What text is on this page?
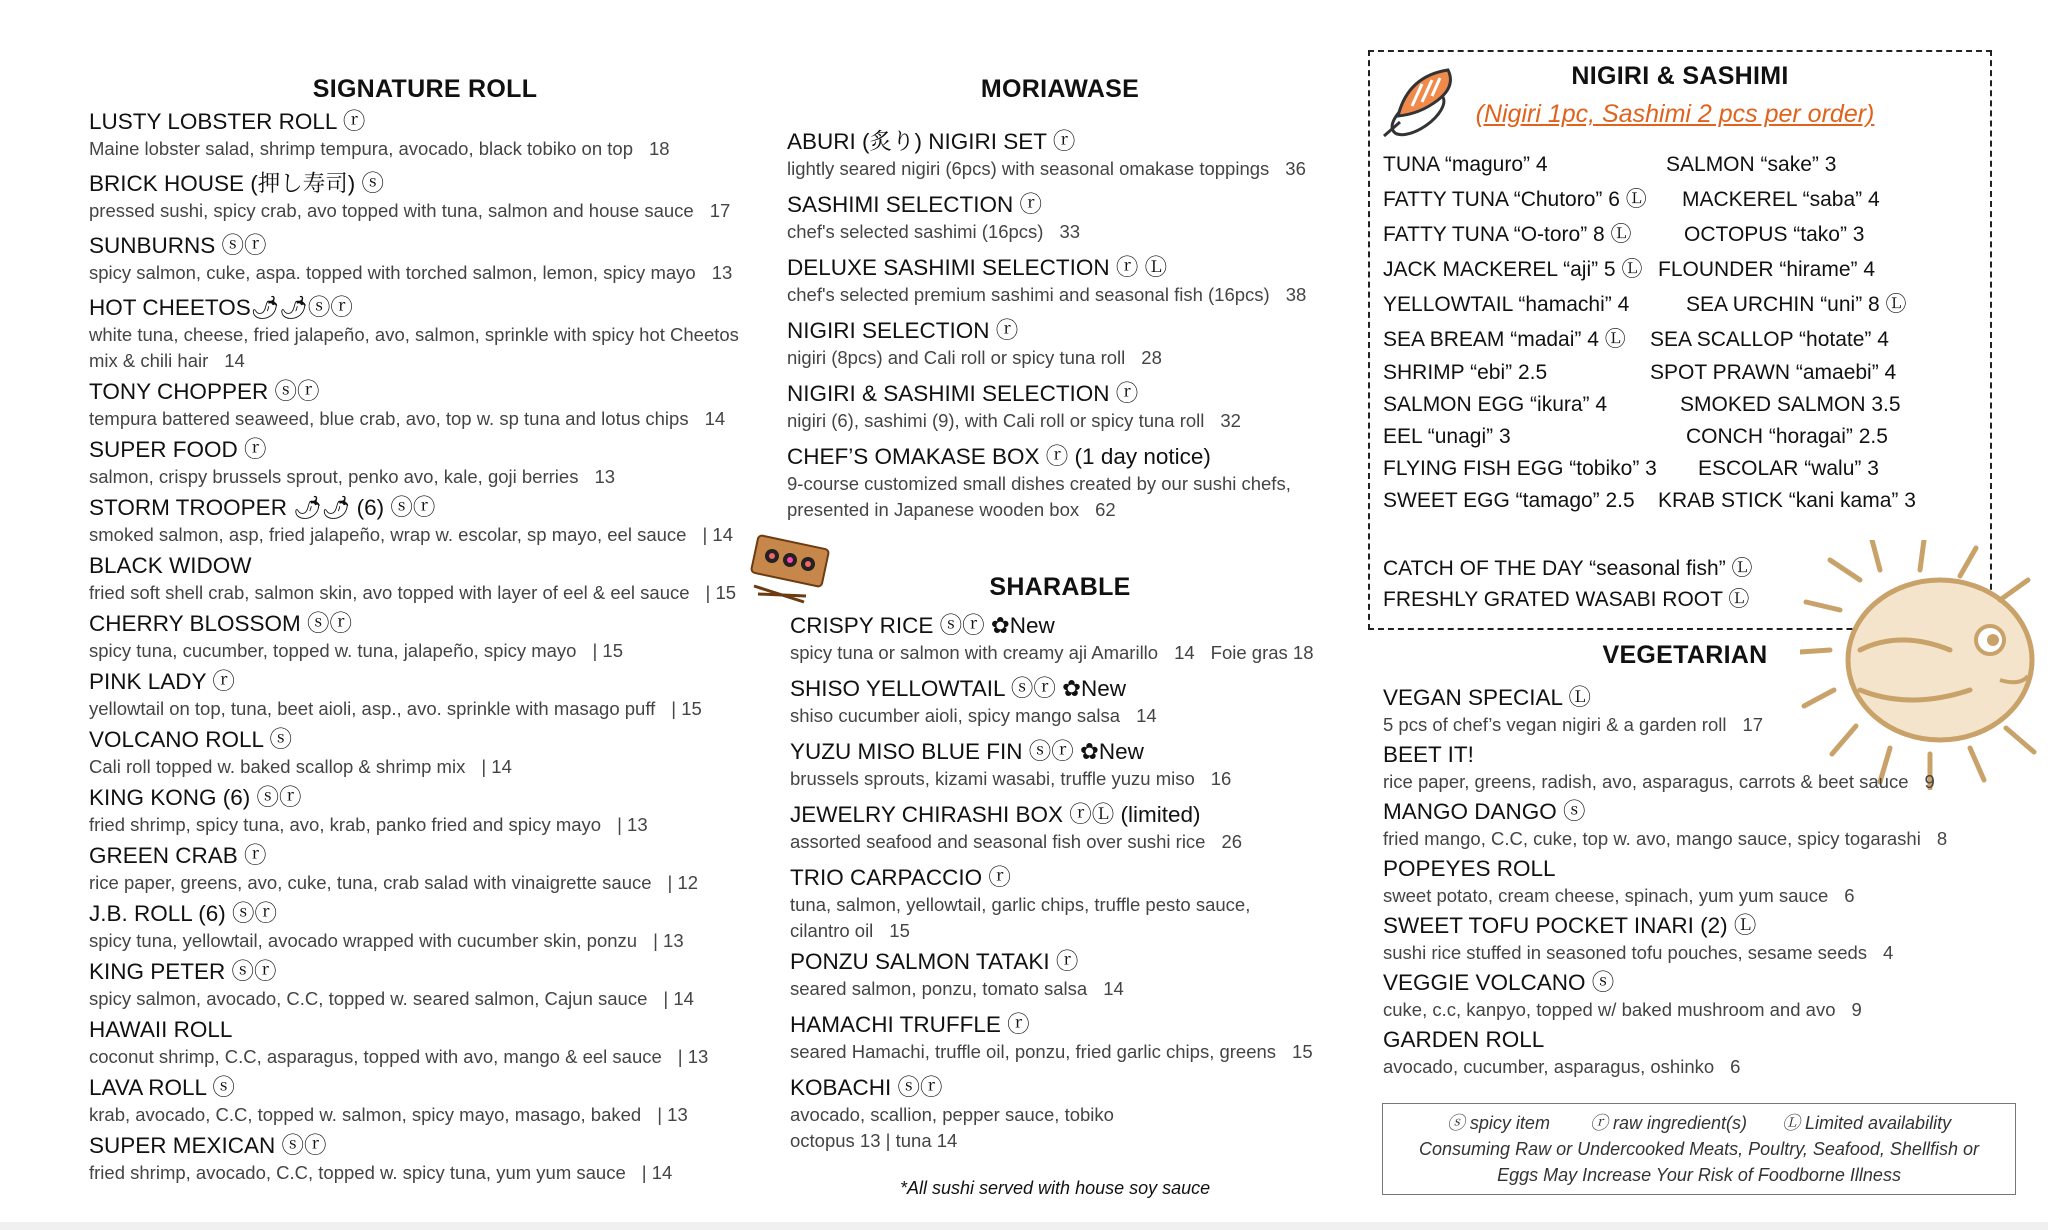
SIGNATURE ROLL
LUSTY LOBSTER ROLL ⓡ
Maine lobster salad, shrimp tempura, avocado, black tobiko on top 18
BRICK HOUSE (押し寿司) ⓢ
pressed sushi, spicy crab, avo topped with tuna, salmon and house sauce 17
SUNBURNS ⓢⓡ
spicy salmon, cuke, aspa. topped with torched salmon, lemon, spicy mayo 13
HOT CHEETOS🌶🌶ⓢⓡ
white tuna, cheese, fried jalapeño, avo, salmon, sprinkle with spicy hot Cheetos
mix & chili hair 14
TONY CHOPPER ⓢⓡ
tempura battered seaweed, blue crab, avo, top w. sp tuna and lotus chips 14
SUPER FOOD ⓡ
salmon, crispy brussels sprout, penko avo, kale, goji berries 13
STORM TROOPER 🌶🌶 (6) ⓢⓡ
smoked salmon, asp, fried jalapeño, wrap w. escolar, sp mayo, eel sauce | 14
BLACK WIDOW
fried soft shell crab, salmon skin, avo topped with layer of eel & eel sauce | 15
CHERRY BLOSSOM ⓢⓡ
spicy tuna, cucumber, topped w. tuna, jalapeño, spicy mayo | 15
PINK LADY ⓡ
yellowtail on top, tuna, beet aioli, asp., avo. sprinkle with masago puff | 15
VOLCANO ROLL ⓢ
Cali roll topped w. baked scallop & shrimp mix | 14
KING KONG (6) ⓢⓡ
fried shrimp, spicy tuna, avo, krab, panko fried and spicy mayo | 13
GREEN CRAB ⓡ
rice paper, greens, avo, cuke, tuna, crab salad with vinaigrette sauce | 12
J.B. ROLL (6) ⓢⓡ
spicy tuna, yellowtail, avocado wrapped with cucumber skin, ponzu | 13
KING PETER ⓢⓡ
spicy salmon, avocado, C.C, topped w. seared salmon, Cajun sauce | 14
HAWAII ROLL
coconut shrimp, C.C, asparagus, topped with avo, mango & eel sauce | 13
LAVA ROLL ⓢ
krab, avocado, C.C, topped w. salmon, spicy mayo, masago, baked | 13
SUPER MEXICAN ⓢⓡ
fried shrimp, avocado, C.C, topped w. spicy tuna, yum yum sauce | 14
MORIAWASE
ABURI (炙り) NIGIRI SET ⓡ
lightly seared nigiri (6pcs) with seasonal omakase toppings 36
SASHIMI SELECTION ⓡ
chef's selected sashimi (16pcs) 33
DELUXE SASHIMI SELECTION ⓡ Ⓛ
chef's selected premium sashimi and seasonal fish (16pcs) 38
NIGIRI SELECTION ⓡ
nigiri (8pcs) and Cali roll or spicy tuna roll 28
NIGIRI & SASHIMI SELECTION ⓡ
nigiri (6), sashimi (9), with Cali roll or spicy tuna roll 32
CHEF’S OMAKASE BOX ⓡ (1 day notice)
9-course customized small dishes created by our sushi chefs,
presented in Japanese wooden box 62
SHARABLE
CRISPY RICE ⓢⓡ ✿New
spicy tuna or salmon with creamy aji Amarillo 14 Foie gras 18
SHISO YELLOWTAIL ⓢⓡ ✿New
shiso cucumber aioli, spicy mango salsa 14
YUZU MISO BLUE FIN ⓢⓡ ✿New
brussels sprouts, kizami wasabi, truffle yuzu miso 16
JEWELRY CHIRASHI BOX ⓡⓁ (limited)
assorted seafood and seasonal fish over sushi rice 26
TRIO CARPACCIO ⓡ
tuna, salmon, yellowtail, garlic chips, truffle pesto sauce,
cilantro oil 15
PONZU SALMON TATAKI ⓡ
seared salmon, ponzu, tomato salsa 14
HAMACHI TRUFFLE ⓡ
seared Hamachi, truffle oil, ponzu, fried garlic chips, greens 15
KOBACHI ⓢⓡ
avocado, scallion, pepper sauce, tobiko
octopus 13 | tuna 14
*All sushi served with house soy sauce
NIGIRI & SASHIMI
(Nigiri 1pc, Sashimi 2 pcs per order)
TUNA “maguro” 4
FATTY TUNA “Chutoro” 6 Ⓛ
FATTY TUNA “O-toro” 8 Ⓛ
JACK MACKEREL “aji” 5 Ⓛ
YELLOWTAIL “hamachi” 4
SEA BREAM “madai” 4 Ⓛ
SHRIMP “ebi” 2.5
SALMON EGG “ikura” 4
EEL “unagi” 3
FLYING FISH EGG “tobiko” 3
SWEET EGG “tamago” 2.5
SALMON “sake” 3
MACKEREL “saba” 4
OCTOPUS “tako” 3
FLOUNDER “hirame” 4
SEA URCHIN “uni” 8 Ⓛ
SEA SCALLOP “hotate” 4
SPOT PRAWN “amaebi” 4
SMOKED SALMON 3.5
CONCH “horagai” 2.5
ESCOLAR “walu” 3
KRAB STICK “kani kama” 3
CATCH OF THE DAY “seasonal fish” Ⓛ
FRESHLY GRATED WASABI ROOT Ⓛ
VEGETARIAN
VEGAN SPECIAL Ⓛ
5 pcs of chef’s vegan nigiri & a garden roll 17
BEET IT!
rice paper, greens, radish, avo, asparagus, carrots & beet sauce 9
MANGO DANGO ⓢ
fried mango, C.C, cuke, top w. avo, mango sauce, spicy togarashi 8
POPEYES ROLL
sweet potato, cream cheese, spinach, yum yum sauce 6
SWEET TOFU POCKET INARI (2) Ⓛ
sushi rice stuffed in seasoned tofu pouches, sesame seeds 4
VEGGIE VOLCANO ⓢ
cuke, c.c, kanpyo, topped w/ baked mushroom and avo 9
GARDEN ROLL
avocado, cucumber, asparagus, oshinko 6
ⓢ spicy item        ⓡ raw ingredient(s)       Ⓛ Limited availability
Consuming Raw or Undercooked Meats, Poultry, Seafood, Shellfish or
Eggs May Increase Your Risk of Foodborne Illness
